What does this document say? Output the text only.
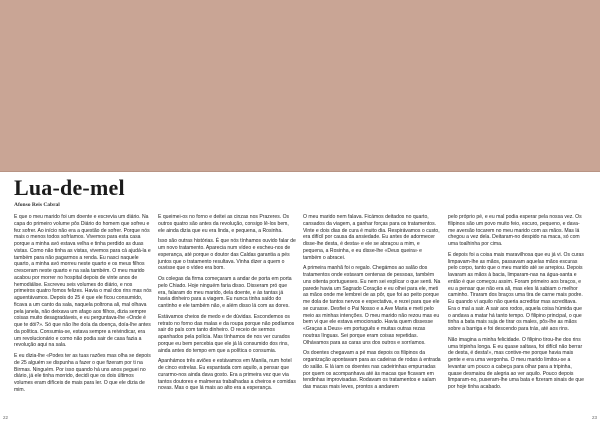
Lua-de-mel
Afonso Reis Cabral

É que o meu marido foi um doente e escrevia um diário. Na capa do primeiro volume pôs Diário do homem que sofreu e fez sofrer. Ao início não era a questão de sofrer. Porque nós mais o menos todos sofríamos. Vivemos para esta casa porque a minha avó estava velha e tinha perdido as duas vistas. Como não tinha as vistas, vivemos para cá ajudá-la e também para não pagarmos a renda. Eu nasci naquele quarto, a minha avó morreu neste quarto e os meus filhos cresceram neste quarto e na sala também. O meu marido acabou por morrer no hospital depois de vinte anos de hemodiálise. Escreveu seis volumes do diário, e nos primeiros quatro fomos felizes. Havia o mal dos rins mas nós aguentávamos. Depois do 25 é que ele ficou consumido, ficava a um canto da sala, naquela poltrona ali, mal olhava pela janela, não deixava um afago aos filhos, dizia sempre coisas muito desagradáveis, e eu perguntava-lhe «Onde é que te dói?». Só que não lhe doía da doença, doía-lhe antes da política. Consumia-se, estava sempre a reivindicar, era um revolucionário e como não podia sair de casa fazia a revolução aqui na sala.

E eu dizia-lhe «Podes ter as tuas razões mas olha se depois de 25 alguém se dispunha a fazer o que fizeram por ti na Birmas. Ninguém. Por isso quando há uns anos peguei no diário, já ele tinha morrido, decidi que os dois últimos volumes eram difíceis de mais para ler. O que ele dizia de mim.

E queimei-os no forno e deitei as cinzas nos Prazeres. Os outros quatro são antes da revolução, consigo lê-los bem, ele ainda dizia que eu era linda, e pequena, a Rosinha.

Isso são outras histórias. É que nós tínhamos ouvido falar de um novo tratamento. Aparecia num vídeo e escheu-nos de esperança, até porque o doutor das Caldas garantia a pés juntos que o tratamento resultava. Vinha dizer a quem o ouvisse que o vídeo era bom.

Os colegas da firma começaram a andar de porta em porta pelo Chiado. Hoje ninguém faria disso. Disseram pró que era, falaram do meu marido, dela doente, e às tantas já havia dinheiro para a viagem. Eu nunca tinha saído do cantinho e ele também não, e além disso lá com as dores.

Estávamos cheios de medo e de dúvidas. Escondemos os retrato no forno das malas e da roupa porque não podíamos sair do país com tanto dinheiro. O receio de sermos apanhados pela polícia. Mas tínhamos de nos ver curados porque eu bem percebia que ele já lá consumido dos rins, ainda antes do tempo em que a política o consumia.

Apanhámos três aviões e estávamos em Manila, num hotel de cinco estrelas. Eu espantada com aquilo, a pensar que curarmo-nos ainda dava gosto. Era a primeira vez que via tantos doutores e malmeras trabalhadas a cheiros e comidas novas. Mas o que lá mais ao alto era a esperança.

O meu marido nem falava. Ficámos deitados no quarto, cansados da viagem, a ganhar forças para os tratamentos. Vinte e dois dias de cura é muito dia. Respirávamos o custo, era difícil por causa da ansiedade. Eu antes de adormecer disse-lhe desta, é desta» e ele se abraçou a mim, e pequena, a Rosinha, e eu disse-lhe «Deus queira» e também o abracei.

A primeira manhã foi o regalo. Chegámos ao salão dos tratamentos onde estavam centenas de pessoas, também uns oitenta portugueses. Eu nem sei explicar o que senti. Na parede havia um Sagrado Coração e eu olhei para ele, meti as mãos onde me lembrei de as pôr, que foi ao peito porque me dola de tantos nervos e expectativa, e rezei para que ele se curasse. Desfiei o Pai Nosso e a Ave Maria e meti pelo meio as minhas intenções. O meu marido não rezou mas eu bem vi que ele estava emocionado. Havia quem dissesse «Graças a Deus» em português e muitas outras rezas noutras línguas. Sei porque eram coisas repetidas. Olhávamos para as caras uns dos outros e sorríamos.

Os doentes chegavam a pé mas depois os filipinos da organização apontavam para as cadeiras de rodas à entrada do salão. E lá iam os doentes nas cadeirinhas empurradas por quem os acompanhava até às macas que ficavam em tendinhas improvisadas. Rodavam os tratamentos e saíam das macas mais leves, prontos a andarem

pelo próprio pé, e eu mal podia esperar pela nossa vez. Os filipinos são um povo muito feio, escuro, pequeno, e dava-me aversão tocarem no meu marido com as mãos. Mas lá chegou a vez dela. Deitaram-no despido na maca, só com uma toalhinha por cima.

E depois foi a coisa mais maravilhosa que eu já vi. Os curas limpavam-lhe as mãos, passavam aquelas mãos escuras pelo corpo, tanto que o meu marido até se arrepiou. Depois lavaram as mãos à bacia, limparam-nas na água-santa e então é que começou assim. Foram primeiro aos braços, e eu a pensar que não era ali, mas eles lá sabiam o melhor caminho. Tiraram dos braços uma tira de carne mais podre. Eu quando vi aquilo não queria acreditar mas acreditava. Era o mal a sair. A sair aos rodos, aquela coisa húmida que o andava a matar há tanto tempo. O filipino principal, o que tinha a bata mais suja de tirar os males, pôs-lhe as mãos sobre a barriga e foi descendo para trás, até aos rins.

Não imagina a minha felicidade. O filipino tirou-lhe dos rins uma tripinha longa. E eu quase saltava, foi difícil não berrar de desta, é desta!», mas contive-me porque havia mais gente e era uma vergonha. O meu marido limitou-se a levantar um pouco a cabeça para olhar para a tripinha, quase desmaiou de alegria ao ver aquilo. Pouco depois limparam-no, puseram-lhe uma bata e fizeram sinais de que por hoje tinha acabado.

22	23
